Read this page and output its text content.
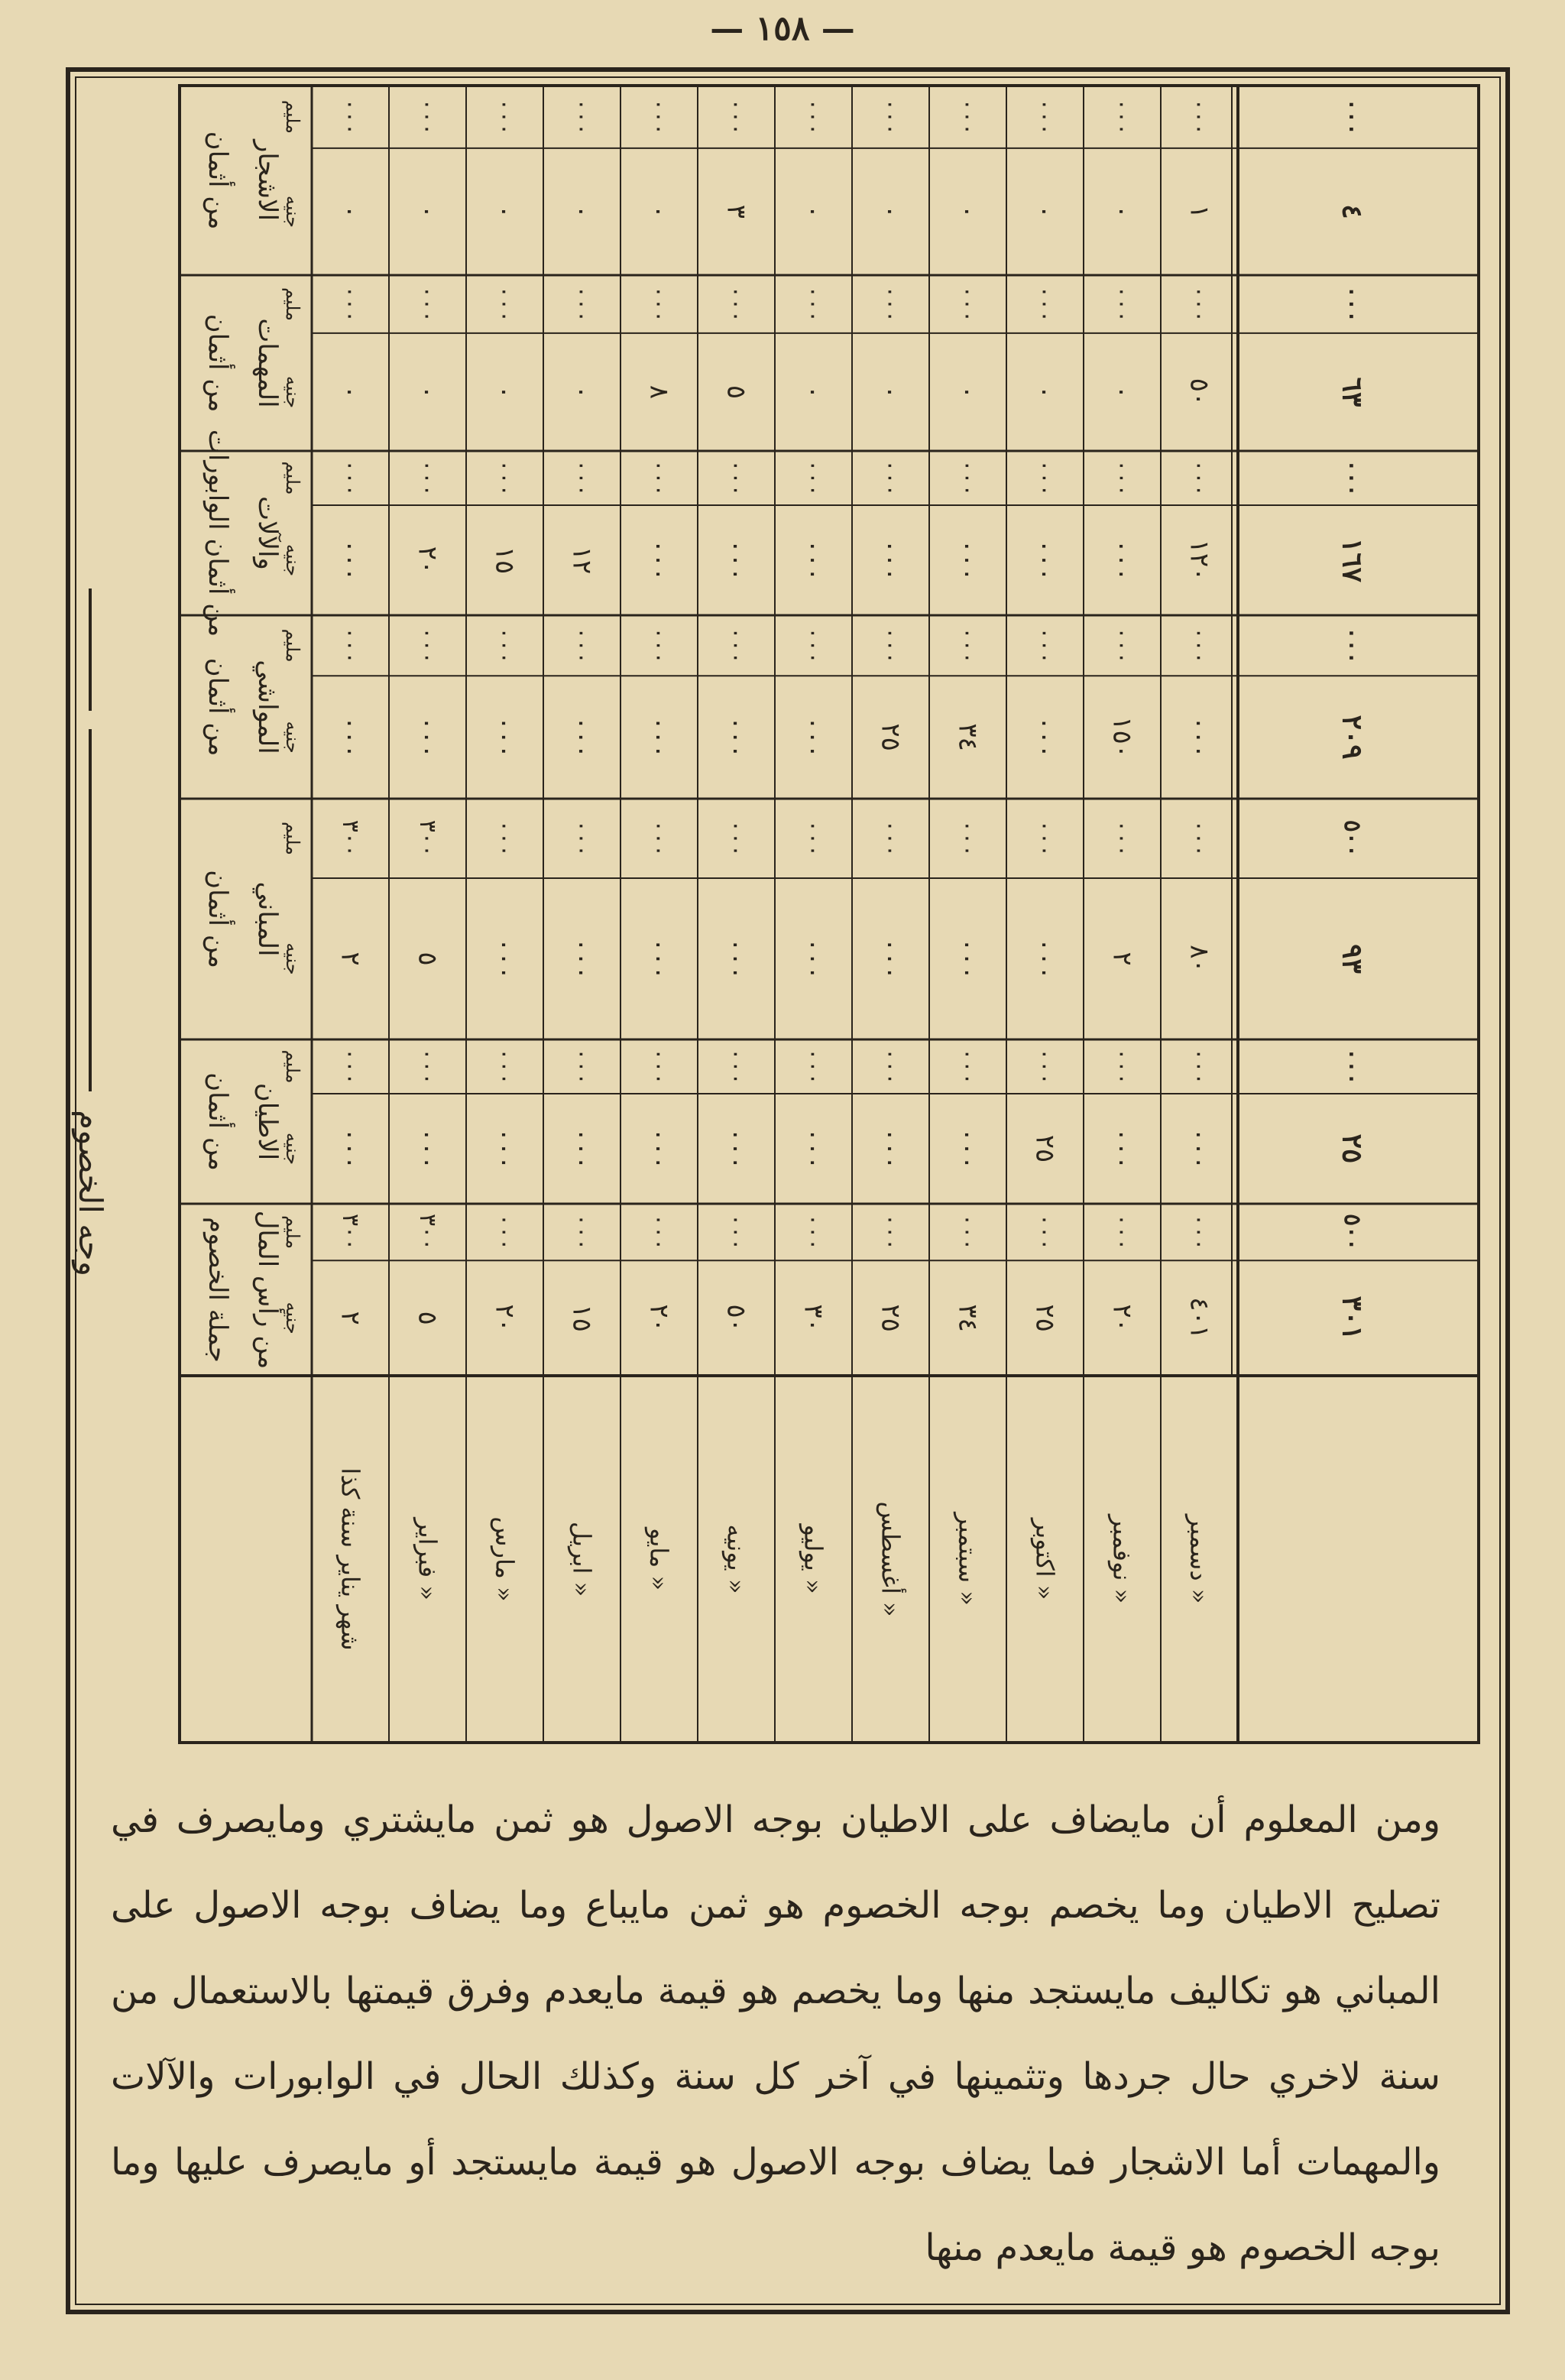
— ١٥٨ —
وجه الخصوم
من أثمان الاشجار
مليم
جنيه
من أثمان المهمات
مليم
جنيه
من أثمان الوابورات والآلات
مليم
جنيه
من أثمان المواشي
مليم
جنيه
من أثمان المباني
مليم
جنيه
من أثمان الاطيان
مليم
جنيه
جملة الخصوم من رأس المال مليم
جنيه
شهر يناير سنة كذا « فبراير « مارس « ابريل « مايو « يونيه « يوليو « أغسطس « سبتمبر « اكتوبر « نوفمبر « دسمبر
٠
٠٠٠
٠
٠٠٠
٠٠٠
٠٠٠
٠٠٠
٠٠٠
٢
٣٠٠
٠٠٠
٠٠٠
٢
٣٠٠
٠
٠٠٠
٠
٠٠٠
٢٠
٠٠٠
٠٠٠
٠٠٠
٥
٣٠٠
٠٠٠
٠٠٠
٥
٣٠٠
٠
٠٠٠
٠
٠٠٠
١٥
٠٠٠
٠٠٠
٠٠٠
٠٠٠
٠٠٠
٠٠٠
٠٠٠
٢٠
٠٠٠
٠
٠٠٠
٠
٠٠٠
١٢
٠٠٠
٠٠٠
٠٠٠
٠٠٠
٠٠٠
٠٠٠
٠٠٠
١٥
٠٠٠
٠
٠٠٠
٨
٠٠٠
٠٠٠
٠٠٠
٠٠٠
٠٠٠
٠٠٠
٠٠٠
٠٠٠
٠٠٠
٢٠
٠٠٠
٣
٠٠٠
٥
٠٠٠
٠٠٠
٠٠٠
٠٠٠
٠٠٠
٠٠٠
٠٠٠
٠٠٠
٠٠٠
٥٠
٠٠٠
٠
٠٠٠
٠
٠٠٠
٠٠٠
٠٠٠
٠٠٠
٠٠٠
٠٠٠
٠٠٠
٠٠٠
٠٠٠
٣٠
٠٠٠
٠
٠٠٠
٠
٠٠٠
٠٠٠
٠٠٠
٢٥
٠٠٠
٠٠٠
٠٠٠
٠٠٠
٠٠٠
٢٥
٠٠٠
٠
٠٠٠
٠
٠٠٠
٠٠٠
٠٠٠
٣٤
٠٠٠
٠٠٠
٠٠٠
٠٠٠
٠٠٠
٣٤
٠٠٠
٠
٠٠٠
٠
٠٠٠
٠٠٠
٠٠٠
٠٠٠
٠٠٠
٠٠٠
٠٠٠
٢٥
٠٠٠
٢٥
٠٠٠
٠
٠٠٠
٠
٠٠٠
٠٠٠
٠٠٠
١٥٠
٠٠٠
٢
٠٠٠
٠٠٠
٠٠٠
٢٠
٠٠٠
١
٠٠٠
٥٠
٠٠٠
١٢٠
٠٠٠
٠٠٠
٠٠٠
٨٠
٠٠٠
٠٠٠
٠٠٠
٤٠١
٠٠٠
٤
٠٠٠
٦٣
٠٠٠
١٦٧
٠٠٠
٢٠٩
٠٠٠
٩٣
٥٠٠
٢٥
٠٠٠
٣٠١
٥٠٠
ومن المعلوم أن مايضاف على الاطيان بوجه الاصول هو ثمن مايشتري ومايصرف في تصليح الاطيان وما يخصم بوجه الخصوم هو ثمن مايباع وما يضاف بوجه الاصول على المباني هو تكاليف مايستجد منها وما يخصم هو قيمة مايعدم وفرق قيمتها بالاستعمال من سنة لاخري حال جردها وتثمينها في آخر كل سنة وكذلك الحال في الوابورات والآلات والمهمات أما الاشجار فما يضاف بوجه الاصول هو قيمة مايستجد أو مايصرف عليها وما بوجه الخصوم هو قيمة مايعدم منها
